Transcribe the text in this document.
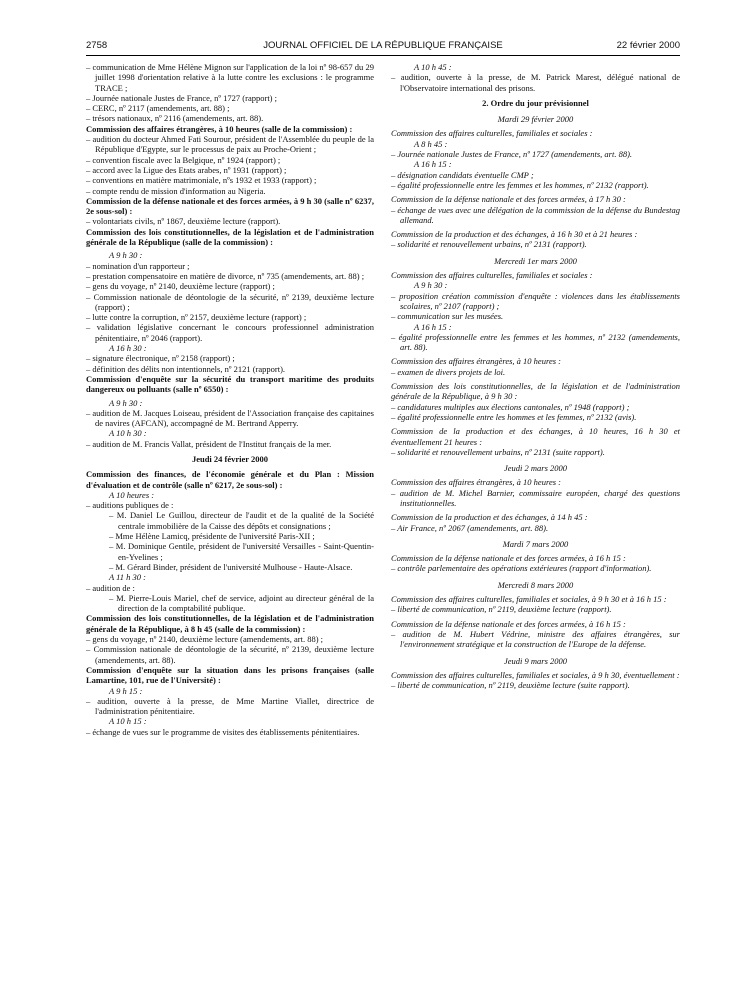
2758	JOURNAL OFFICIEL DE LA RÉPUBLIQUE FRANÇAISE	22 février 2000

– communication de Mme Hélène Mignon sur l'application de la loi nº 98-657 du 29 juillet 1998 d'orientation relative à la lutte contre les exclusions : le programme TRACE ;

– Journée nationale Justes de France, nº 1727 (rapport) ;

– CERC, nº 2117 (amendements, art. 88) ;

– trésors nationaux, nº 2116 (amendements, art. 88).

Commission des affaires étrangères, à 10 heures (salle de la commission) :

– audition du docteur Ahmed Fati Sourour, président de l'Assemblée du peuple de la République d'Egypte, sur le processus de paix au Proche-Orient ;

– convention fiscale avec la Belgique, nº 1924 (rapport) ;

– accord avec la Ligue des Etats arabes, nº 1931 (rapport) ;

– conventions en matière matrimoniale, nºs 1932 et 1933 (rapport) ;

– compte rendu de mission d'information au Nigeria.

Commission de la défense nationale et des forces armées, à 9 h 30 (salle nº 6237, 2e sous-sol) :

– volontariats civils, nº 1867, deuxième lecture (rapport).

Commission des lois constitutionnelles, de la législation et de l'administration générale de la République (salle de la commission) :

A 9 h 30 :

– nomination d'un rapporteur ;

– prestation compensatoire en matière de divorce, nº 735 (amendements, art. 88) ;

– gens du voyage, nº 2140, deuxième lecture (rapport) ;

– Commission nationale de déontologie de la sécurité, nº 2139, deuxième lecture (rapport) ;

– lutte contre la corruption, nº 2157, deuxième lecture (rapport) ;

– validation législative concernant le concours professionnel administration pénitentiaire, nº 2046 (rapport).

A 16 h 30 :

– signature électronique, nº 2158 (rapport) ;

– définition des délits non intentionnels, nº 2121 (rapport).

Commission d'enquête sur la sécurité du transport maritime des produits dangereux ou polluants (salle nº 6550) :

A 9 h 30 :

– audition de M. Jacques Loiseau, président de l'Association française des capitaines de navires (AFCAN), accompagné de M. Bertrand Apperry.

A 10 h 30 :

– audition de M. Francis Vallat, président de l'Institut français de la mer.

Jeudi 24 février 2000

Commission des finances, de l'économie générale et du Plan : Mission d'évaluation et de contrôle (salle nº 6217, 2e sous-sol) :

A 10 heures :

– auditions publiques de :

– M. Daniel Le Guillou, directeur de l'audit et de la qualité de la Société centrale immobilière de la Caisse des dépôts et consignations ;

– Mme Hélène Lamicq, présidente de l'université Paris-XII ;

– M. Dominique Gentile, président de l'université Versailles - Saint-Quentin-en-Yvelines ;

– M. Gérard Binder, président de l'université Mulhouse - Haute-Alsace.

A 11 h 30 :

– audition de :

– M. Pierre-Louis Mariel, chef de service, adjoint au directeur général de la direction de la comptabilité publique.

Commission des lois constitutionnelles, de la législation et de l'administration générale de la République, à 8 h 45 (salle de la commission) :

– gens du voyage, nº 2140, deuxième lecture (amendements, art. 88) ;

– Commission nationale de déontologie de la sécurité, nº 2139, deuxième lecture (amendements, art. 88).

Commission d'enquête sur la situation dans les prisons françaises (salle Lamartine, 101, rue de l'Université) :

A 9 h 15 :

– audition, ouverte à la presse, de Mme Martine Viallet, directrice de l'administration pénitentiaire.

A 10 h 15 :

– échange de vues sur le programme de visites des établissements pénitentiaires.

A 10 h 45 :

– audition, ouverte à la presse, de M. Patrick Marest, délégué national de l'Observatoire international des prisons.

2. Ordre du jour prévisionnel

Mardi 29 février 2000

Commission des affaires culturelles, familiales et sociales :

A 8 h 45 :

– Journée nationale Justes de France, nº 1727 (amendements, art. 88).

A 16 h 15 :

– désignation candidats éventuelle CMP ;

– égalité professionnelle entre les femmes et les hommes, nº 2132 (rapport).

Commission de la défense nationale et des forces armées, à 17 h 30 :

– échange de vues avec une délégation de la commission de la défense du Bundestag allemand.

Commission de la production et des échanges, à 16 h 30 et à 21 heures :

– solidarité et renouvellement urbains, nº 2131 (rapport).

Mercredi 1er mars 2000

Commission des affaires culturelles, familiales et sociales :

A 9 h 30 :

– proposition création commission d'enquête : violences dans les établissements scolaires, nº 2107 (rapport) ;

– communication sur les musées.

A 16 h 15 :

– égalité professionnelle entre les femmes et les hommes, nº 2132 (amendements, art. 88).

Commission des affaires étrangères, à 10 heures :

– examen de divers projets de loi.

Commission des lois constitutionnelles, de la législation et de l'administration générale de la République, à 9 h 30 :

– candidatures multiples aux élections cantonales, nº 1948 (rapport) ;

– égalité professionnelle entre les hommes et les femmes, nº 2132 (avis).

Commission de la production et des échanges, à 10 heures, 16 h 30 et éventuellement 21 heures :

– solidarité et renouvellement urbains, nº 2131 (suite rapport).

Jeudi 2 mars 2000

Commission des affaires étrangères, à 10 heures :

– audition de M. Michel Barnier, commissaire européen, chargé des questions institutionnelles.

Commission de la production et des échanges, à 14 h 45 :

– Air France, nº 2067 (amendements, art. 88).

Mardi 7 mars 2000

Commission de la défense nationale et des forces armées, à 16 h 15 :

– contrôle parlementaire des opérations extérieures (rapport d'information).

Mercredi 8 mars 2000

Commission des affaires culturelles, familiales et sociales, à 9 h 30 et à 16 h 15 :

– liberté de communication, nº 2119, deuxième lecture (rapport).

Commission de la défense nationale et des forces armées, à 16 h 15 :

– audition de M. Hubert Védrine, ministre des affaires étrangères, sur l'environnement stratégique et la construction de l'Europe de la défense.

Jeudi 9 mars 2000

Commission des affaires culturelles, familiales et sociales, à 9 h 30, éventuellement :

– liberté de communication, nº 2119, deuxième lecture (suite rapport).
